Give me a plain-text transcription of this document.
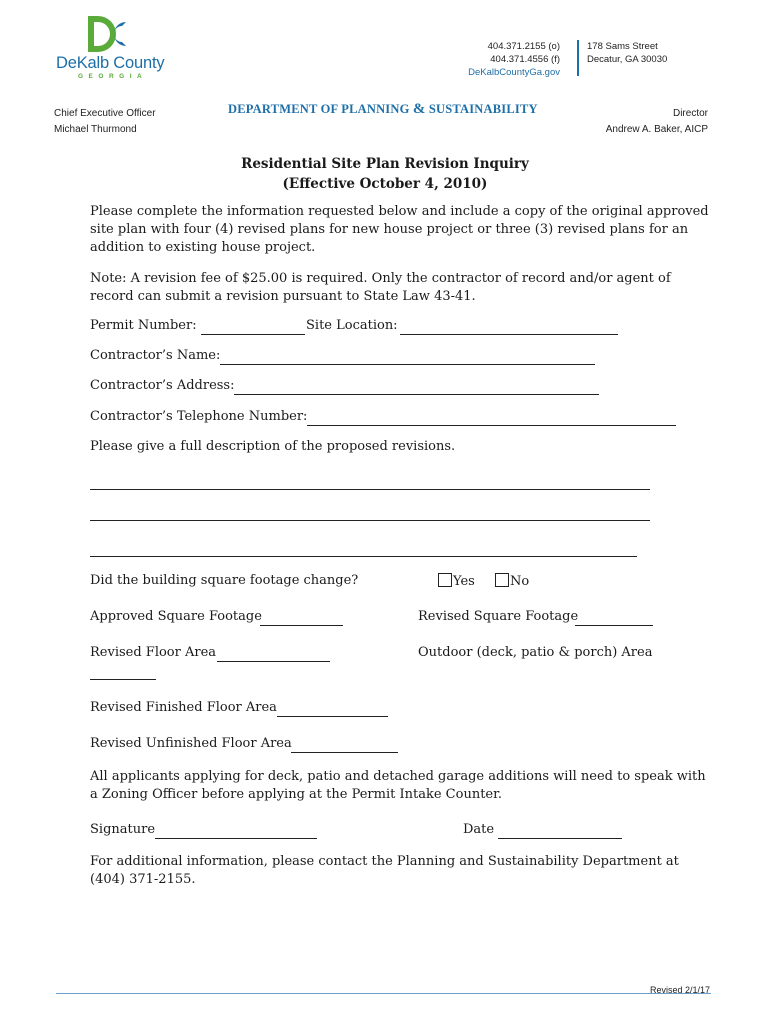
DeKalb County
GEORGIA
404.371.2155 (o)
404.371.4556 (f)
DeKalbCountyGa.gov
178 Sams Street
Decatur, GA 30030
DEPARTMENT OF PLANNING & SUSTAINABILITY
Chief Executive Officer
Michael Thurmond
Director
Andrew A. Baker, AICP
Residential Site Plan Revision Inquiry
(Effective October 4, 2010)
Please complete the information requested below and include a copy of the original approved site plan with four (4) revised plans for new house project or three (3) revised plans for an addition to existing house project.
Note: A revision fee of $25.00 is required. Only the contractor of record and/or agent of record can submit a revision pursuant to State Law 43-41.
Permit Number:	Site Location:
Contractor’s Name:
Contractor’s Address:
Contractor’s Telephone Number:
Please give a full description of the proposed revisions.
Did the building square footage change?	Yes	No
Approved Square Footage	Revised Square Footage
Revised Floor Area	Outdoor (deck, patio & porch) Area
Revised Finished Floor Area
Revised Unfinished Floor Area
All applicants applying for deck, patio and detached garage additions will need to speak with a Zoning Officer before applying at the Permit Intake Counter.
Signature	Date
For additional information, please contact the Planning and Sustainability Department at (404) 371-2155.
Revised 2/1/17
